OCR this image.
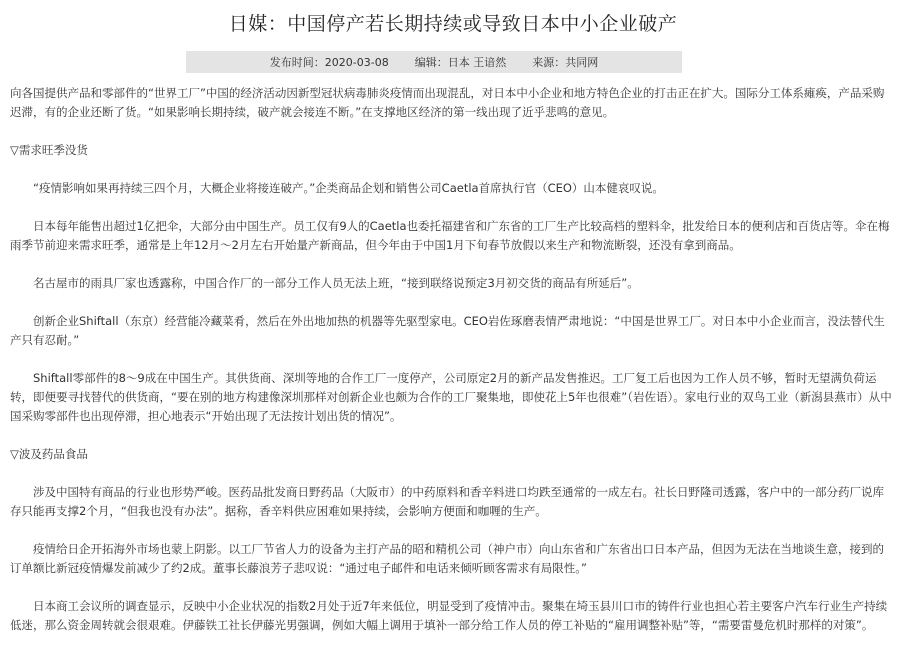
日媒：中国停产若长期持续或导致日本中小企业破产
发布时间：2020-03-08 编辑：日本 王谙然 来源：共同网

向各国提供产品和零部件的“世界工厂”中国的经济活动因新型冠状病毒肺炎疫情而出现混乱，对日本中小企业和地方特色企业的打击正在扩大。国际分工体系瘫痪，产品采购迟滞，有的企业还断了货。“如果影响长期持续，破产就会接连不断。”在支撑地区经济的第一线出现了近乎悲鸣的意见。

▽需求旺季没货

“疫情影响如果再持续三四个月，大概企业将接连破产。”企类商品企划和销售公司Caetla首席执行官（CEO）山本健哀叹说。

日本每年能售出超过1亿把伞，大部分由中国生产。员工仅有9人的Caetla也委托福建省和广东省的工厂生产比较高档的塑料伞，批发给日本的便利店和百货店等。伞在梅雨季节前迎来需求旺季，通常是上年12月～2月左右开始量产新商品，但今年由于中国1月下旬春节放假以来生产和物流断裂，还没有拿到商品。

名古屋市的雨具厂家也透露称，中国合作厂的一部分工作人员无法上班，“接到联络说预定3月初交货的商品有所延后”。

创新企业Shiftall（东京）经营能冷藏菜肴，然后在外出地加热的机器等先驱型家电。CEO岩佐琢磨表情严肃地说：“中国是世界工厂。对日本中小企业而言，没法替代生产只有忍耐。”

Shiftall零部件的8～9成在中国生产。其供货商、深圳等地的合作工厂一度停产，公司原定2月的新产品发售推迟。工厂复工后也因为工作人员不够，暂时无望满负荷运转，即便要寻找替代的供货商，“要在别的地方构建像深圳那样对创新企业也颇为合作的工厂聚集地，即使花上5年也很难”（岩佐语）。家电行业的双鸟工业（新潟县燕市）从中国采购零部件也出现停滞，担心地表示“开始出现了无法按计划出货的情况”。

▽波及药品食品

涉及中国特有商品的行业也形势严峻。医药品批发商日野药品（大阪市）的中药原料和香辛料进口均跌至通常的一成左右。社长日野隆司透露，客户中的一部分药厂说库存只能再支撑2个月，“但我也没有办法”。据称，香辛料供应困难如果持续，会影响方便面和咖喱的生产。

疫情给日企开拓海外市场也蒙上阴影。以工厂节省人力的设备为主打产品的昭和精机公司（神户市）向山东省和广东省出口日本产品，但因为无法在当地谈生意，接到的订单额比新冠疫情爆发前减少了约2成。董事长藤浪芳子悲叹说：“通过电子邮件和电话来倾听顾客需求有局限性。”

日本商工会议所的调查显示，反映中小企业状况的指数2月处于近7年来低位，明显受到了疫情冲击。聚集在埼玉县川口市的铸件行业也担心若主要客户汽车行业生产持续低迷，那么资金周转就会很艰难。伊藤铁工社长伊藤光男强调，例如大幅上调用于填补一部分给工作人员的停工补贴的“雇用调整补贴”等，“需要雷曼危机时那样的对策”。
